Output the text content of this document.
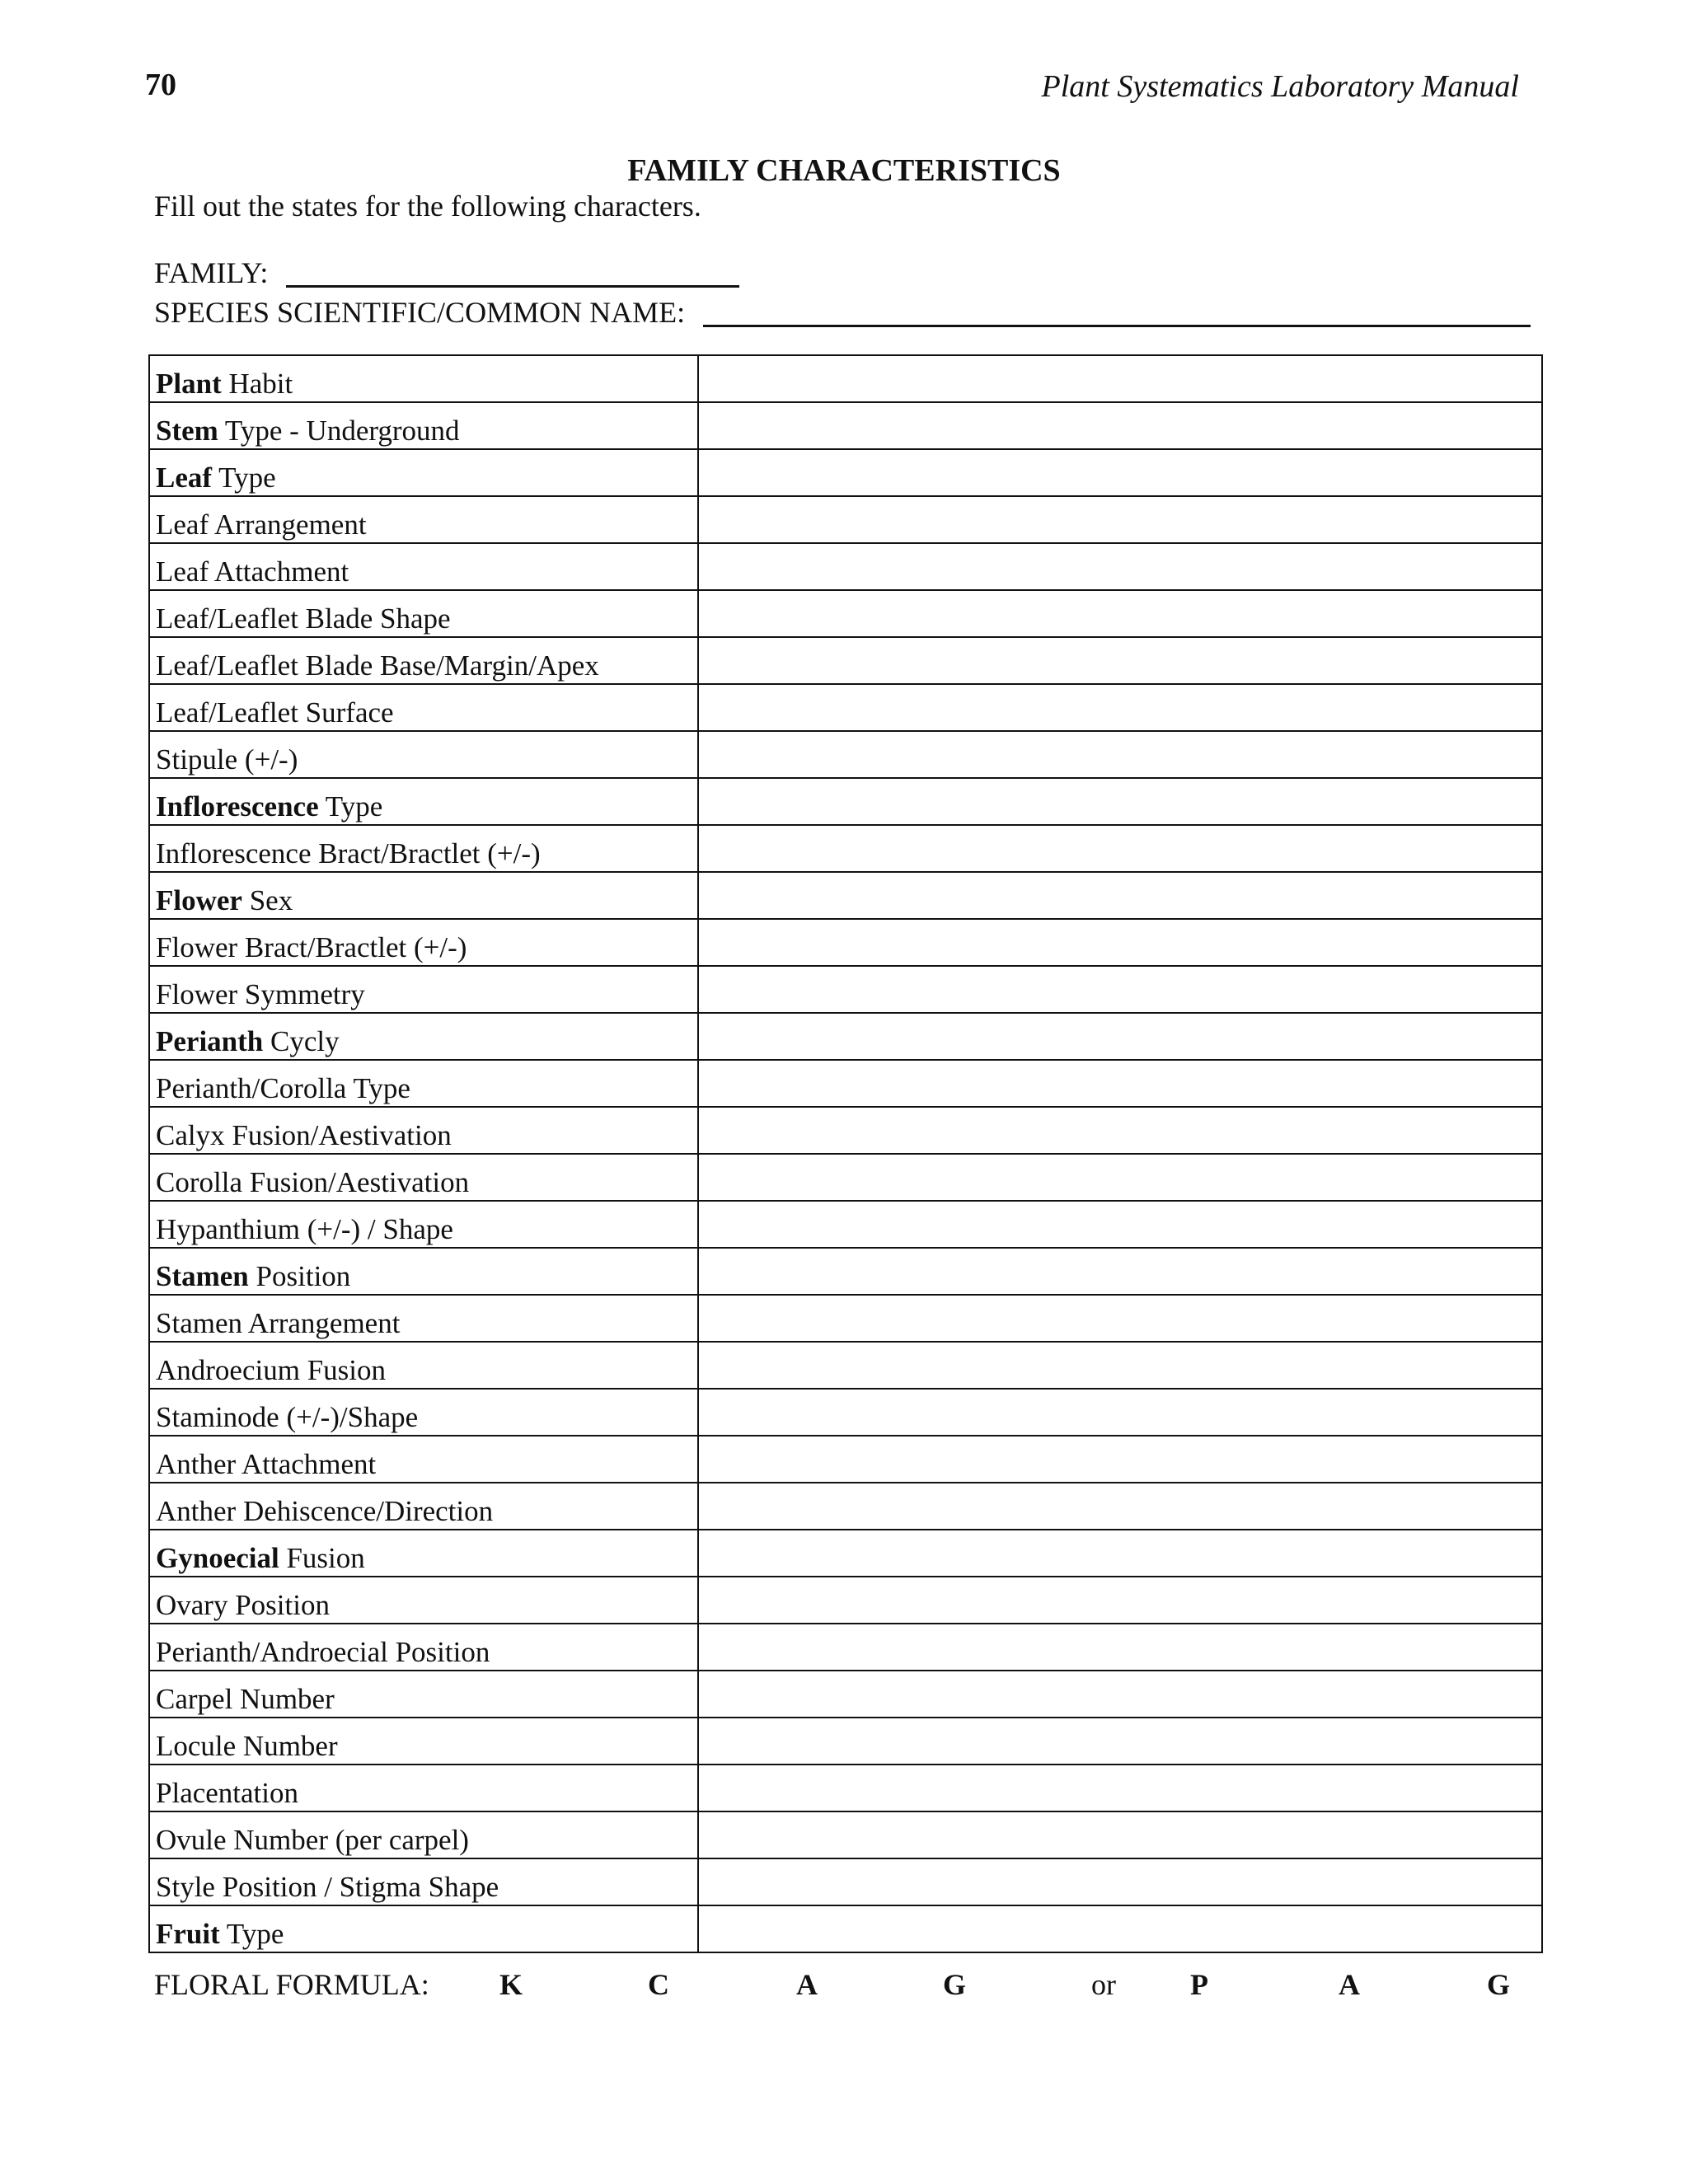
70	Plant Systematics Laboratory Manual
FAMILY CHARACTERISTICS
Fill out the states for the following characters.
FAMILY:
SPECIES SCIENTIFIC/COMMON NAME:
Plant Habit	
Stem Type - Underground	
Leaf Type	
Leaf Arrangement	
Leaf Attachment	
Leaf/Leaflet Blade Shape	
Leaf/Leaflet Blade Base/Margin/Apex	
Leaf/Leaflet Surface	
Stipule (+/-)	
Inflorescence Type	
Inflorescence Bract/Bractlet (+/-)	
Flower Sex	
Flower Bract/Bractlet (+/-)	
Flower Symmetry	
Perianth Cycly	
Perianth/Corolla Type	
Calyx Fusion/Aestivation	
Corolla Fusion/Aestivation	
Hypanthium (+/-) / Shape	
Stamen Position	
Stamen Arrangement	
Androecium Fusion	
Staminode (+/-)/Shape	
Anther Attachment	
Anther Dehiscence/Direction	
Gynoecial Fusion	
Ovary Position	
Perianth/Androecial Position	
Carpel Number	
Locule Number	
Placentation	
Ovule Number (per carpel)	
Style Position / Stigma Shape	
Fruit Type	
FLORAL FORMULA: K	C	A	G	or	P	A	G
